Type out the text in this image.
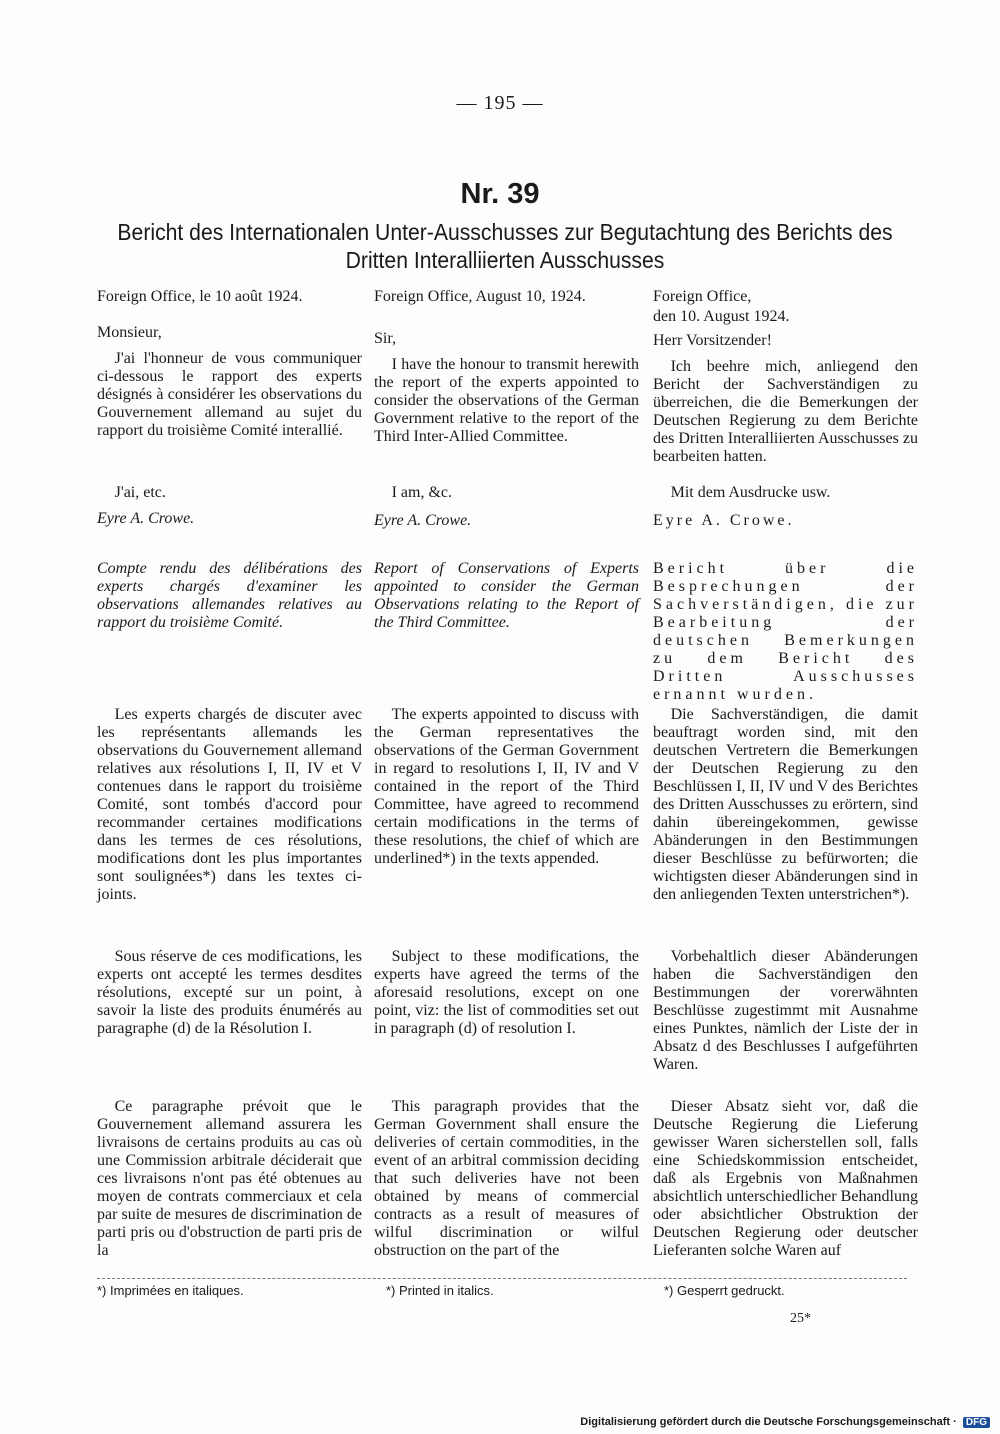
— 195 —
Nr. 39
Bericht des Internationalen Unter-Ausschusses zur Begutachtung des Berichts des
Dritten Interalliierten Ausschusses

Foreign Office, le 10 août 1924.

Monsieur,

J'ai l'honneur de vous communiquer ci-dessous le rapport des experts désignés à considérer les observations du Gouvernement allemand au sujet du rapport du troisième Comité interallié.

J'ai, etc.

Eyre A. Crowe.

Compte rendu des délibérations des experts chargés d'examiner les observations allemandes relatives au rapport du troisième Comité.

Les experts chargés de discuter avec les représentants allemands les observations du Gouvernement allemand relatives aux résolutions I, II, IV et V contenues dans le rapport du troisième Comité, sont tombés d'accord pour recommander certaines modifications dans les termes de ces résolutions, modifications dont les plus importantes sont soulignées*) dans les textes ci-joints.

Sous réserve de ces modifications, les experts ont accepté les termes desdites résolutions, excepté sur un point, à savoir la liste des produits énumérés au paragraphe (d) de la Résolution I.

Ce paragraphe prévoit que le Gouvernement allemand assurera les livraisons de certains produits au cas où une Commission arbitrale déciderait que ces livraisons n'ont pas été obtenues au moyen de contrats commerciaux et cela par suite de mesures de discrimination de parti pris ou d'obstruction de parti pris de la

Foreign Office, August 10, 1924.

Sir,

I have the honour to transmit herewith the report of the experts appointed to consider the observations of the German Government relative to the report of the Third Inter-Allied Committee.

I am, &c.

Eyre A. Crowe.

Report of Conservations of Experts appointed to consider the German Observations relating to the Report of the Third Committee.

The experts appointed to discuss with the German representatives the observations of the German Government in regard to resolutions I, II, IV and V contained in the report of the Third Committee, have agreed to recommend certain modifications in the terms of these resolutions, the chief of which are underlined*) in the texts appended.

Subject to these modifications, the experts have agreed the terms of the aforesaid resolutions, except on one point, viz: the list of commodities set out in paragraph (d) of resolution I.

This paragraph provides that the German Government shall ensure the deliveries of certain commodities, in the event of an arbitral commission deciding that such deliveries have not been obtained by means of commercial contracts as a result of measures of wilful discrimination or wilful obstruction on the part of the

Foreign Office,

den 10. August 1924.

Herr Vorsitzender!

Ich beehre mich, anliegend den Bericht der Sachverständigen zu überreichen, die die Bemerkungen der Deutschen Regierung zu dem Berichte des Dritten Interalliierten Ausschusses zu bearbeiten hatten.

Mit dem Ausdrucke usw.

Eyre A. Crowe.

Bericht über die Besprechungen der Sachverständigen, die zur Bearbeitung der deutschen Bemerkungen zu dem Bericht des Dritten Ausschusses ernannt wurden.

Die Sachverständigen, die damit beauftragt worden sind, mit den deutschen Vertretern die Bemerkungen der Deutschen Regierung zu den Beschlüssen I, II, IV und V des Berichtes des Dritten Ausschusses zu erörtern, sind dahin übereingekommen, gewisse Abänderungen in den Bestimmungen dieser Beschlüsse zu befürworten; die wichtigsten dieser Abänderungen sind in den anliegenden Texten unterstrichen*).

Vorbehaltlich dieser Abänderungen haben die Sachverständigen den Bestimmungen der vorerwähnten Beschlüsse zugestimmt mit Ausnahme eines Punktes, nämlich der Liste der in Absatz d des Beschlusses I aufgeführten Waren.

Dieser Absatz sieht vor, daß die Deutsche Regierung die Lieferung gewisser Waren sicherstellen soll, falls eine Schiedskommission entscheidet, daß als Ergebnis von Maßnahmen absichtlich unterschiedlicher Behandlung oder absichtlicher Obstruktion der Deutschen Regierung oder deutscher Lieferanten solche Waren auf

*) Imprimées en italiques.	*) Printed in italics.	*) Gesperrt gedruckt.
25*
Digitalisierung gefördert durch die Deutsche Forschungsgemeinschaft · DFG
